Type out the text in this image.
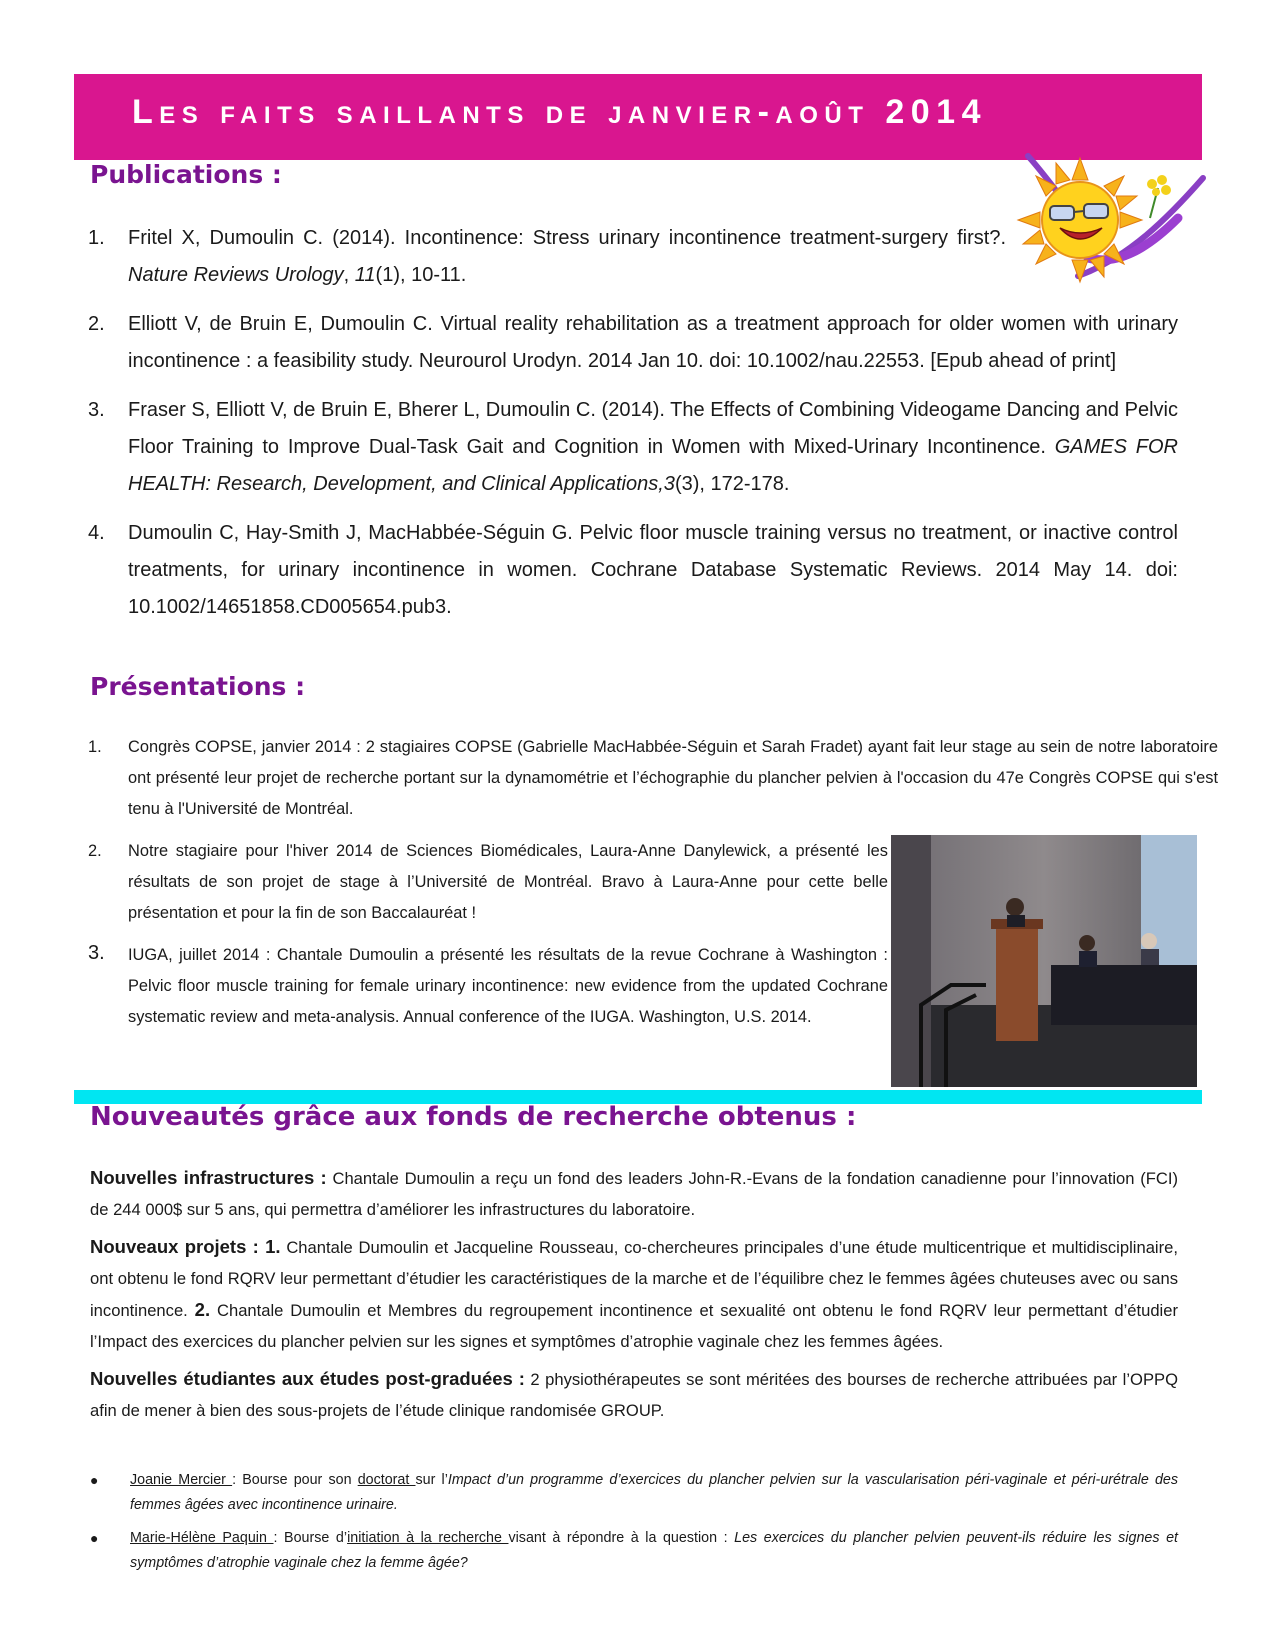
Les faits saillants de janvier-août 2014
Publications :
1. Fritel X, Dumoulin C. (2014). Incontinence: Stress urinary incontinence treatment-surgery first?. Nature Reviews Urology, 11(1), 10-11.
2. Elliott V, de Bruin E, Dumoulin C. Virtual reality rehabilitation as a treatment approach for older women with urinary incontinence : a feasibility study. Neurourol Urodyn. 2014 Jan 10. doi: 10.1002/nau.22553. [Epub ahead of print]
3. Fraser S, Elliott V, de Bruin E, Bherer L, Dumoulin C. (2014). The Effects of Combining Videogame Dancing and Pelvic Floor Training to Improve Dual-Task Gait and Cognition in Women with Mixed-Urinary Incontinence. GAMES FOR HEALTH: Research, Development, and Clinical Applications,3(3), 172-178.
4. Dumoulin C, Hay-Smith J, MacHabbée-Séguin G. Pelvic floor muscle training versus no treatment, or inactive control treatments, for urinary incontinence in women. Cochrane Database Systematic Reviews. 2014 May 14. doi: 10.1002/14651858.CD005654.pub3.
Présentations :
1. Congrès COPSE, janvier 2014 : 2 stagiaires COPSE (Gabrielle MacHabbée-Séguin et Sarah Fradet) ayant fait leur stage au sein de notre laboratoire ont présenté leur projet de recherche portant sur la dynamométrie et l’échographie du plancher pelvien à l'occasion du 47e Congrès COPSE qui s'est tenu à l'Université de Montréal.
2. Notre stagiaire pour l'hiver 2014 de Sciences Biomédicales, Laura-Anne Danylewick, a présenté les résultats de son projet de stage à l’Université de Montréal. Bravo à Laura-Anne pour cette belle présentation et pour la fin de son Baccalauréat !
3. IUGA, juillet 2014 : Chantale Dumoulin a présenté les résultats de la revue Cochrane à Washington : Pelvic floor muscle training for female urinary incontinence: new evidence from the updated Cochrane systematic review and meta-analysis. Annual conference of the IUGA. Washington, U.S. 2014.
Nouveautés grâce aux fonds de recherche obtenus :

Nouvelles infrastructures : Chantale Dumoulin a reçu un fond des leaders John-R.-Evans de la fondation canadienne pour l’innovation (FCI) de 244 000$ sur 5 ans, qui permettra d’améliorer les infrastructures du laboratoire.

Nouveaux projets : 1. Chantale Dumoulin et Jacqueline Rousseau, co-chercheures principales d’une étude multicentrique et multidisciplinaire, ont obtenu le fond RQRV leur permettant d’étudier les caractéristiques de la marche et de l’équilibre chez le femmes âgées chuteuses avec ou sans incontinence. 2. Chantale Dumoulin et Membres du regroupement incontinence et sexualité ont obtenu le fond RQRV leur permettant d’étudier l’Impact des exercices du plancher pelvien sur les signes et symptômes d’atrophie vaginale chez les femmes âgées.

Nouvelles étudiantes aux études post-graduées : 2 physiothérapeutes se sont méritées des bourses de recherche attribuées par l’OPPQ afin de mener à bien des sous-projets de l’étude clinique randomisée GROUP.

● Joanie Mercier : Bourse pour son doctorat sur l’Impact d’un programme d’exercices du plancher pelvien sur la vascularisation péri-vaginale et péri-urétrale des femmes âgées avec incontinence urinaire.
● Marie-Hélène Paquin : Bourse d’initiation à la recherche visant à répondre à la question : Les exercices du plancher pelvien peuvent-ils réduire les signes et symptômes d’atrophie vaginale chez la femme âgée?
